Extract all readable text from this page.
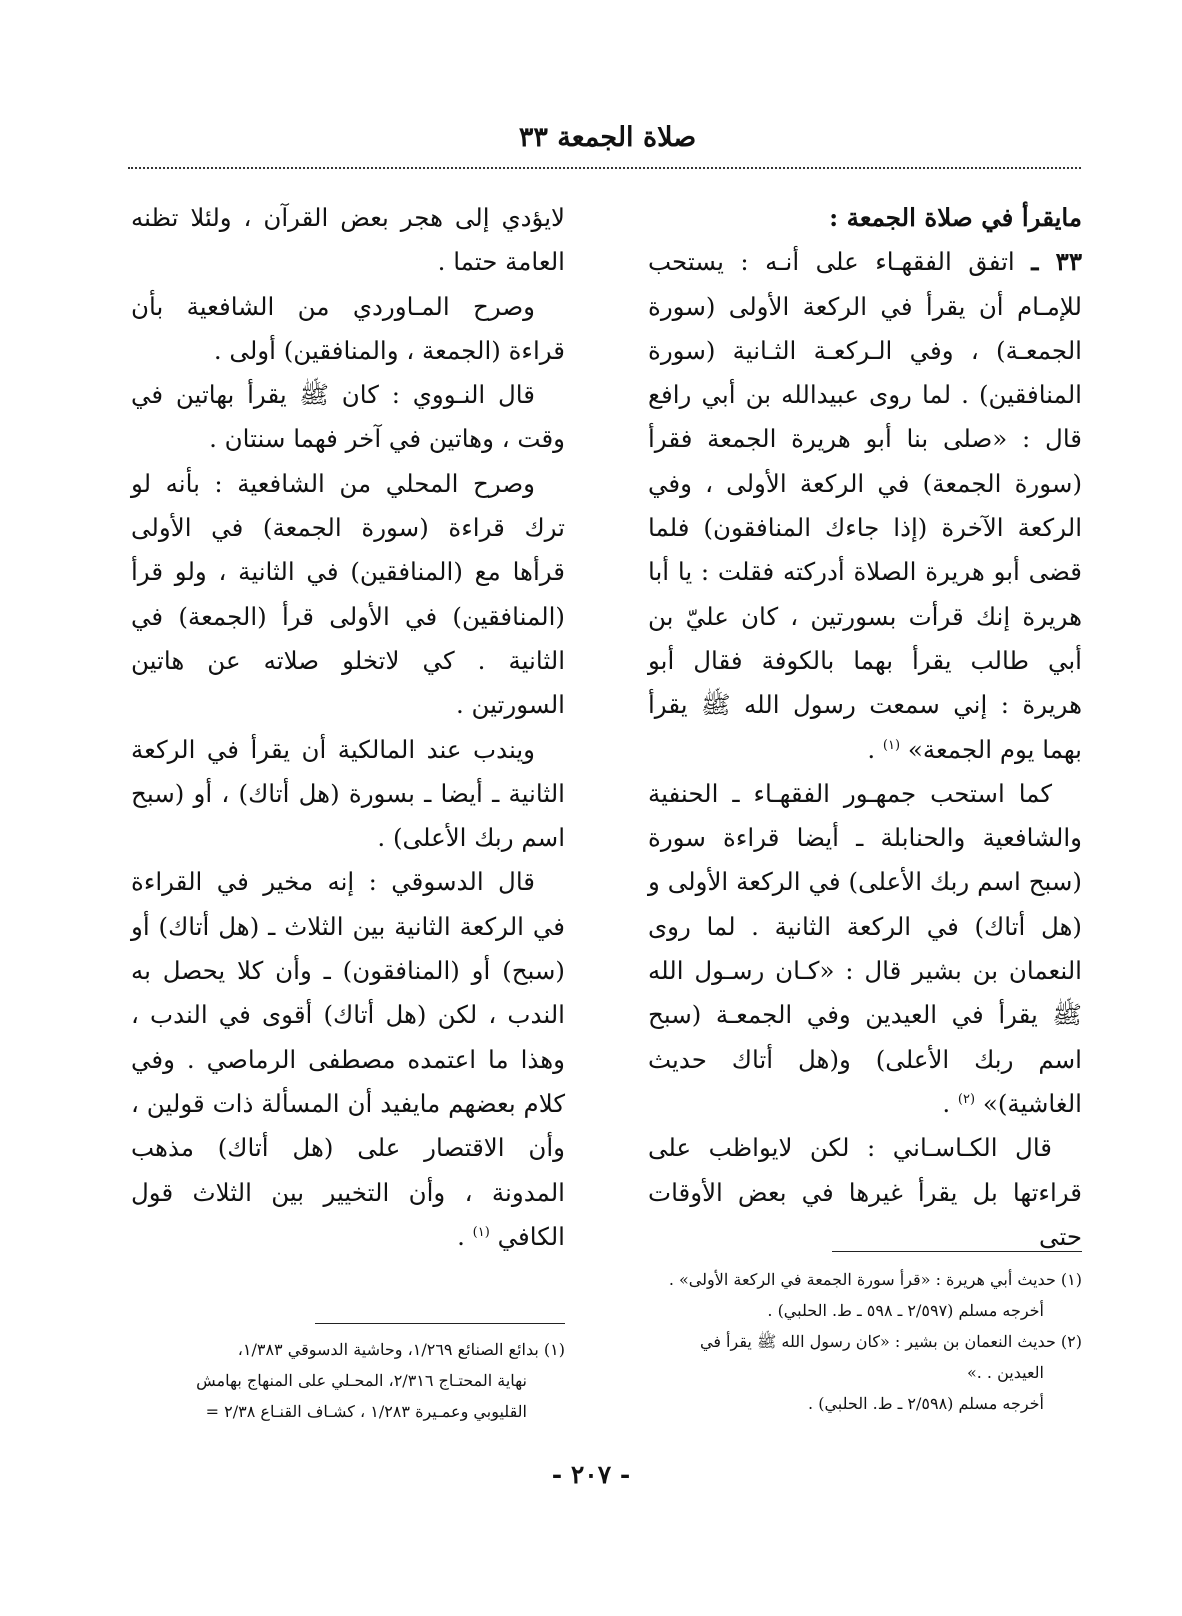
صلاة الجمعة ٣٣

مايقرأ في صلاة الجمعة :

٣٣ ـ اتفق الفقهـاء على أنـه : يستحب للإمـام أن يقرأ في الركعة الأولى (سورة الجمعـة) ، وفي الـركعـة الثـانية (سورة المنافقين) . لما روى عبيدالله بن أبي رافع قال : «صلى بنا أبو هريرة الجمعة فقرأ (سورة الجمعة) في الركعة الأولى ، وفي الركعة الآخرة (إذا جاءك المنافقون) فلما قضى أبو هريرة الصلاة أدركته فقلت : يا أبا هريرة إنك قرأت بسورتين ، كان عليّ بن أبي طالب يقرأ بهما بالكوفة فقال أبو هريرة : إني سمعت رسول الله ﷺ يقرأ بهما يوم الجمعة» $^{(١)}$ .

كما استحب جمهـور الفقهـاء ـ الحنفية والشافعية والحنابلة ـ أيضا قراءة سورة (سبح اسم ربك الأعلى) في الركعة الأولى و (هل أتاك) في الركعة الثانية . لما روى النعمان بن بشير قال : «كـان رسـول الله ﷺ يقرأ في العيدين وفي الجمعـة (سبح اسم ربك الأعلى) و(هل أتاك حديث الغاشية)» $^{(٢)}$ .

قال الكـاسـاني : لكن لايواظب على قراءتها بل يقرأ غيرها في بعض الأوقات حتى

لايؤدي إلى هجر بعض القرآن ، ولئلا تظنه العامة حتما .

وصرح المـاوردي من الشافعية بأن قراءة (الجمعة ، والمنافقين) أولى .

قال النـووي : كان ﷺ يقرأ بهاتين في وقت ، وهاتين في آخر فهما سنتان .

وصرح المحلي من الشافعية : بأنه لو ترك قراءة (سورة الجمعة) في الأولى قرأها مع (المنافقين) في الثانية ، ولو قرأ (المنافقين) في الأولى قرأ (الجمعة) في الثانية . كي لاتخلو صلاته عن هاتين السورتين .

ويندب عند المالكية أن يقرأ في الركعة الثانية ـ أيضا ـ بسورة (هل أتاك) ، أو (سبح اسم ربك الأعلى) .

قال الدسوقي : إنه مخير في القراءة في الركعة الثانية بين الثلاث ـ (هل أتاك) أو (سبح) أو (المنافقون) ـ وأن كلا يحصل به الندب ، لكن (هل أتاك) أقوى في الندب ، وهذا ما اعتمده مصطفى الرماصي . وفي كلام بعضهم مايفيد أن المسألة ذات قولين ، وأن الاقتصار على (هل أتاك) مذهب المدونة ، وأن التخيير بين الثلاث قول الكافي $^{(١)}$ .

(١) حديث أبي هريرة : «قرأ سورة الجمعة في الركعة الأولى» .

أخرجه مسلم (٢/٥٩٧ ـ ٥٩٨ ـ ط. الحلبي) .

(٢) حديث النعمان بن بشير : «كان رسول الله ﷺ يقرأ في

العيدين . .»

أخرجه مسلم (٢/٥٩٨ ـ ط. الحلبي) .

(١) بدائع الصنائع ١/٢٦٩، وحاشية الدسوقي ١/٣٨٣،

نهاية المحتـاج ٢/٣١٦، المحـلي على المنهاج بهامش

القليوبي وعمـيرة ١/٢٨٣ ، كشـاف القنـاع ٢/٣٨ =

- ٢٠٧ -
